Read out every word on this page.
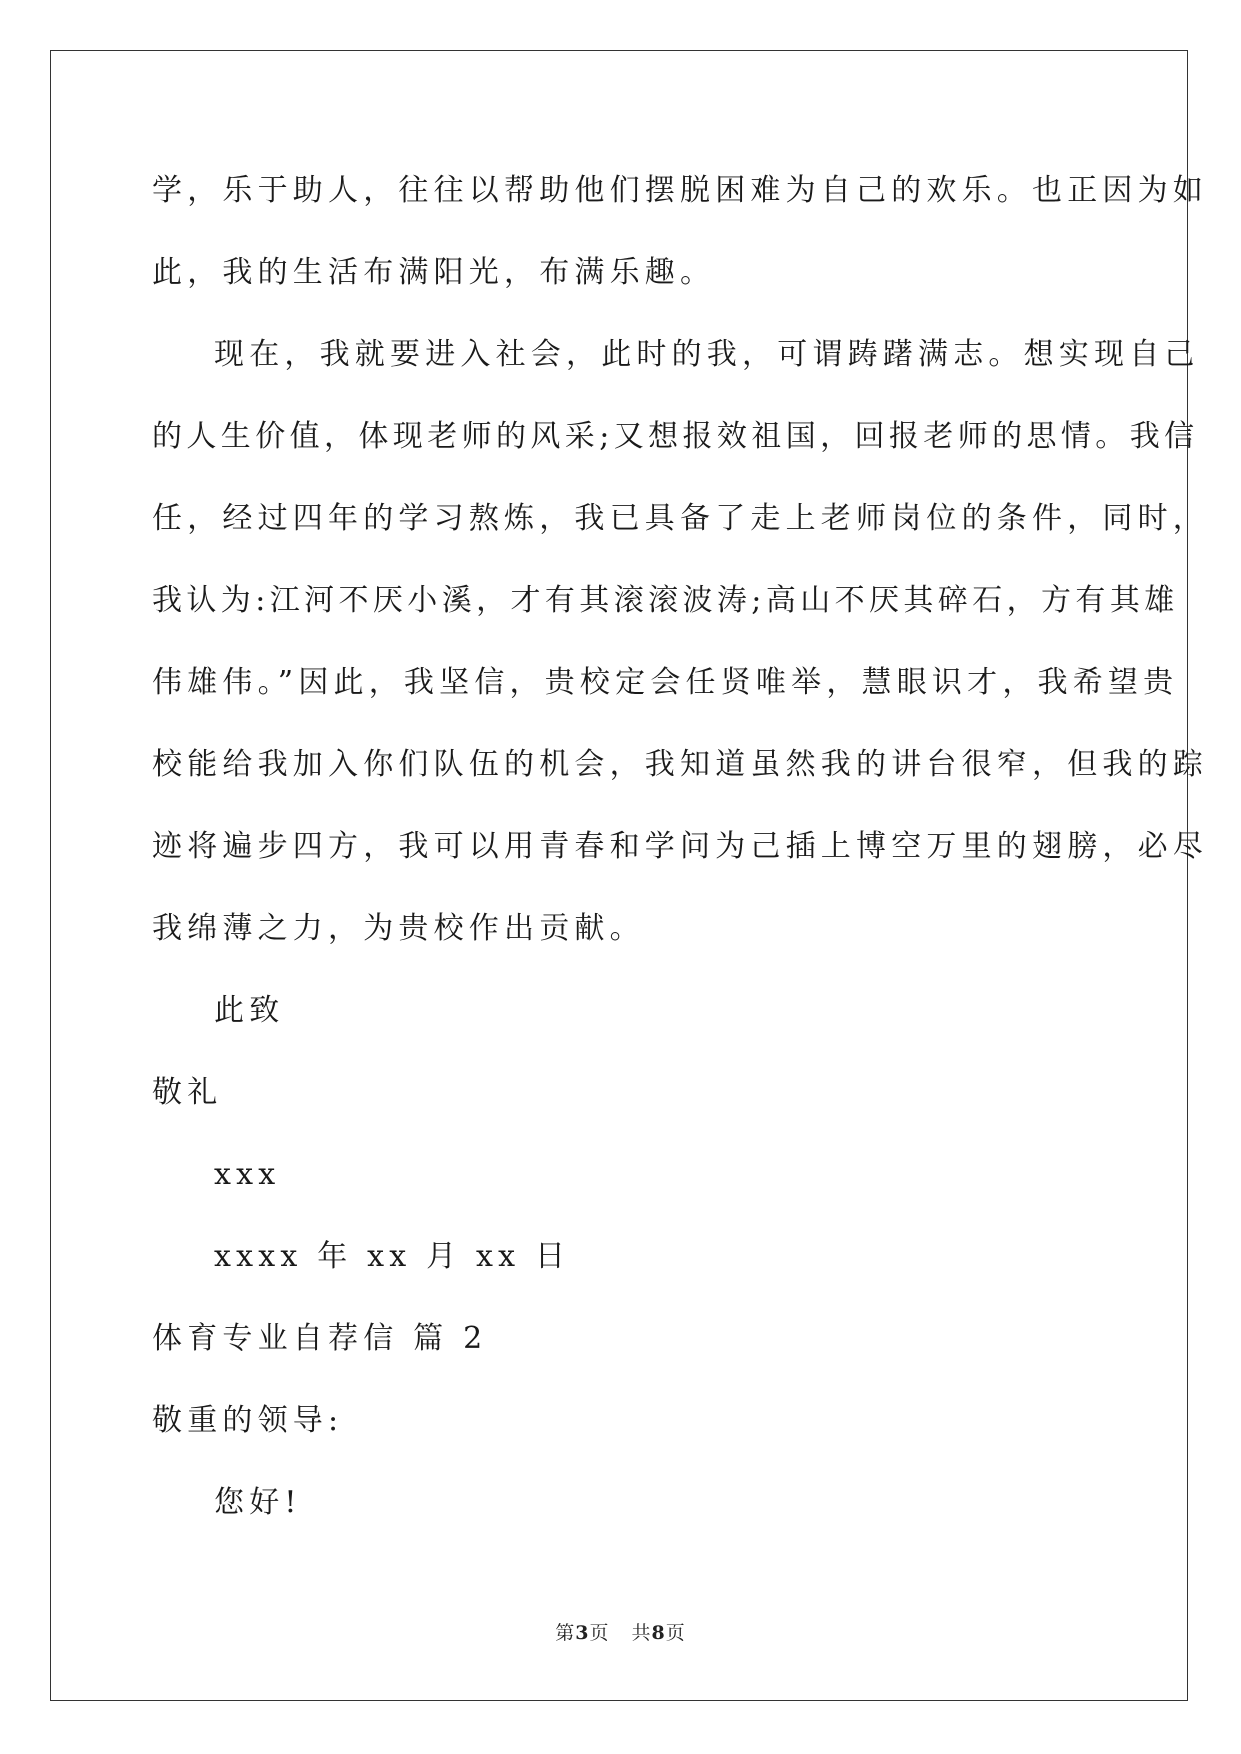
学，乐于助人，往往以帮助他们摆脱困难为自己的欢乐。也正因为如
此，我的生活布满阳光，布满乐趣。
现在，我就要进入社会，此时的我，可谓踌躇满志。想实现自己
的人生价值，体现老师的风采;又想报效祖国，回报老师的思情。我信
任，经过四年的学习熬炼，我已具备了走上老师岗位的条件，同时，
我认为:江河不厌小溪，才有其滚滚波涛;高山不厌其碎石，方有其雄
伟雄伟。”因此，我坚信，贵校定会任贤唯举，慧眼识才，我希望贵
校能给我加入你们队伍的机会，我知道虽然我的讲台很窄，但我的踪
迹将遍步四方，我可以用青春和学问为己插上博空万里的翅膀，必尽
我绵薄之力，为贵校作出贡献。
此致
敬礼
xxx
xxxx 年 xx 月 xx 日
体育专业自荐信 篇 2
敬重的领导:
您好!
第3页 共8页
